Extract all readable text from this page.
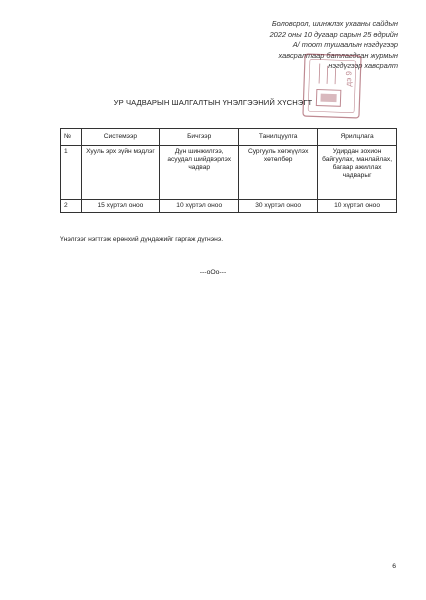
Боловсрол, шинжлэх ухааны сайдын
2022 оны 10 дугаар сарын 25 өдрийн
А/ тоот тушаалын нэгдүгээр
хавсралтаар батлагдсан журмын
нэгдүгээр хавсралт
дэ 9
УР ЧАДВАРЫН ШАЛГАЛТЫН ҮНЭЛГЭЭНИЙ ХҮСНЭГТ
№	Системээр	Бичгээр	Танилцуулга	Ярилцлага
1	Хууль эрх зүйн мэдлэг	Дүн шинжилгээ, асуудал шийдвэрлэх чадвар	Сургууль хөгжүүлэх хөтөлбөр	Удирдан зохион байгуулах, манлайлах, багаар ажиллах чадварыг
2	15 хүртэл оноо	10 хүртэл оноо	30 хүртэл оноо	10 хүртэл оноо
Үнэлгээг нэгтгэж ерөнхий дүндажийг гаргаж дүгнэнэ.
---оОо---
6
